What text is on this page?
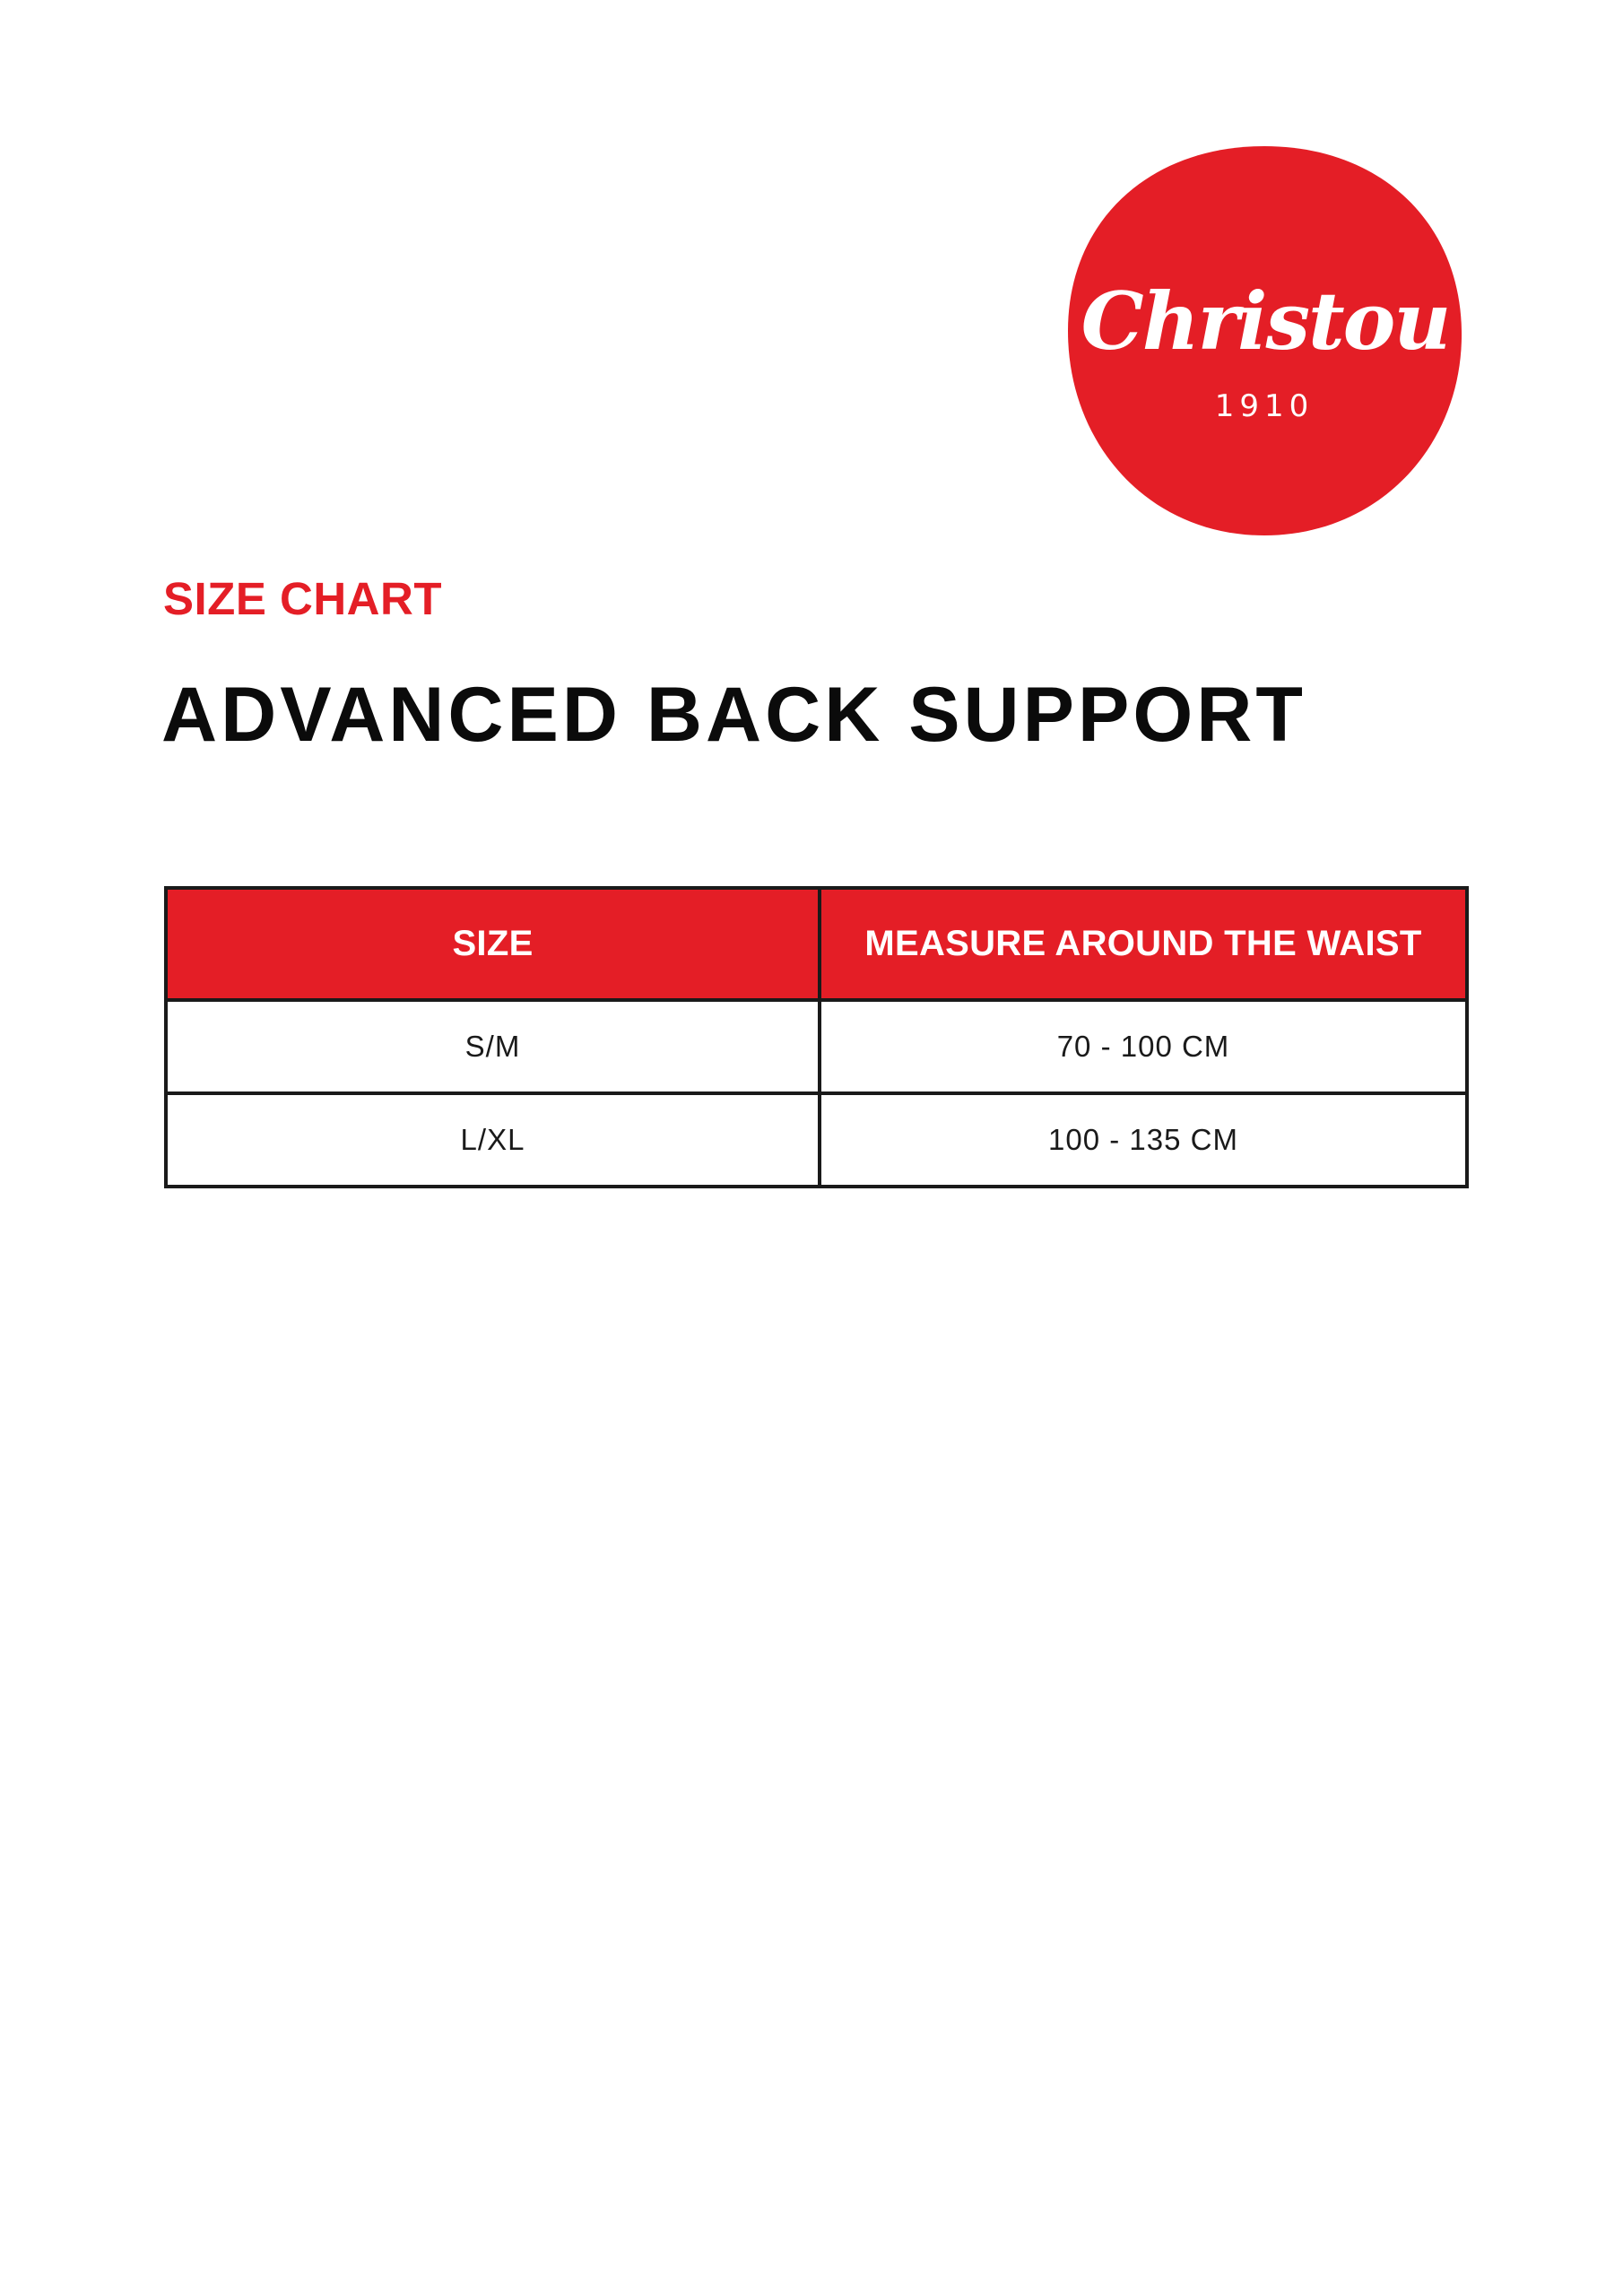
Christou
1910
SIZE CHART
ADVANCED BACK SUPPORT
SIZE	MEASURE AROUND THE WAIST
S/M	70 - 100 CM
L/XL	100 - 135 CM
